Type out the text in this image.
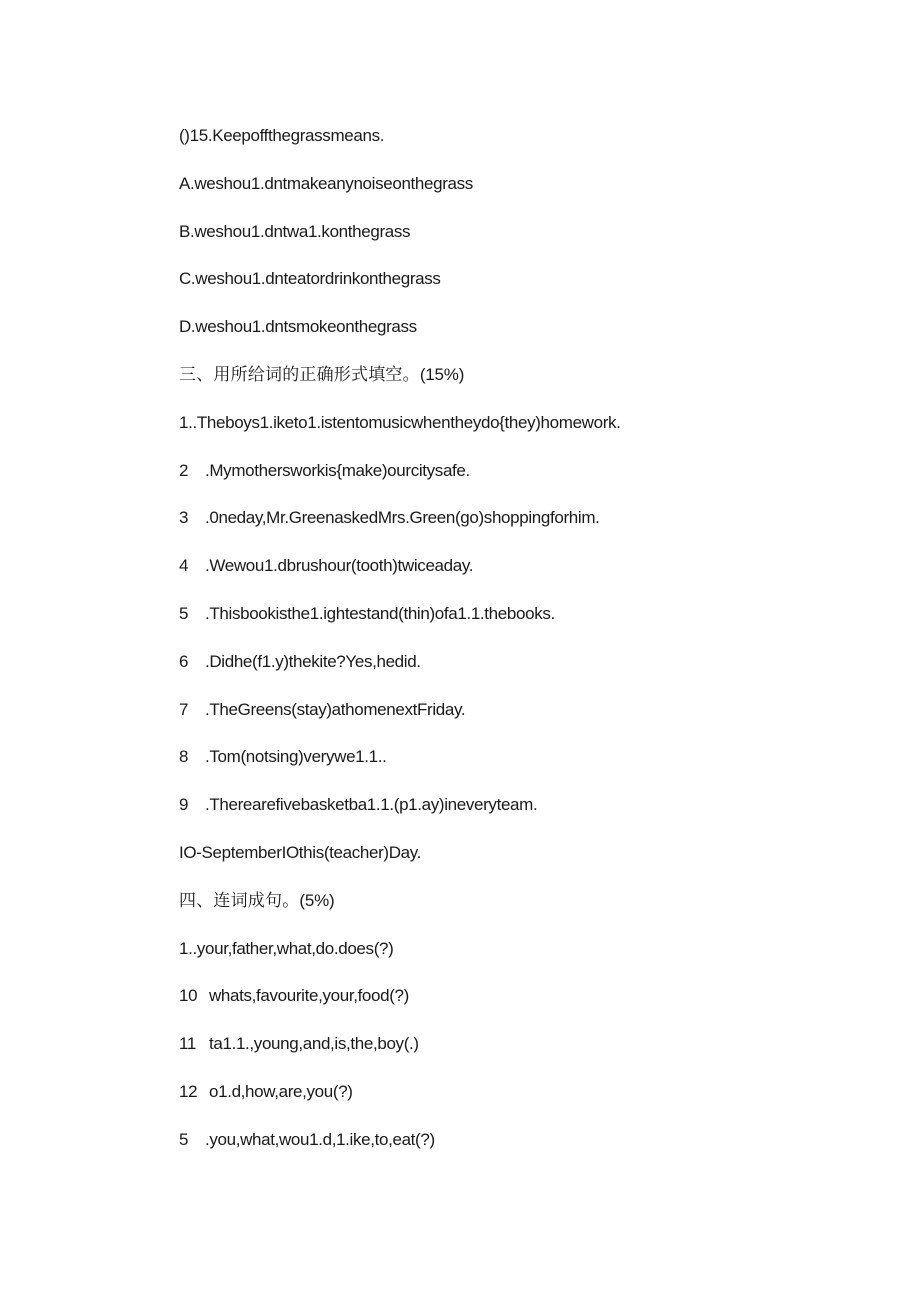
()15.Keepoffthegrassmeans.
A.weshou1.dntmakeanynoiseonthegrass
B.weshou1.dntwa1.konthegrass
C.weshou1.dnteatordrinkonthegrass
D.weshou1.dntsmokeonthegrass
三、用所给词的正确形式填空。(15%)
1..Theboys1.iketo1.istentomusicwhentheydo{they)homework.
2 .Mymothersworkis{make)ourcitysafe.
3 .0neday,Mr.GreenaskedMrs.Green(go)shoppingforhim.
4 .Wewou1.dbrushour(tooth)twiceaday.
5 .Thisbookisthe1.ightestand(thin)ofa1.1.thebooks.
6 .Didhe(f1.y)thekite?Yes,hedid.
7 .TheGreens(stay)athomenextFriday.
8 .Tom(notsing)verywe1.1..
9 .Therearefivebasketba1.1.(p1.ay)ineveryteam.
IO-SeptemberIOthis(teacher)Day.
四、连词成句。(5%)
1..your,father,what,do.does(?)
10 whats,favourite,your,food(?)
11 ta1.1.,young,and,is,the,boy(.)
12 o1.d,how,are,you(?)
5 .you,what,wou1.d,1.ike,to,eat(?)
